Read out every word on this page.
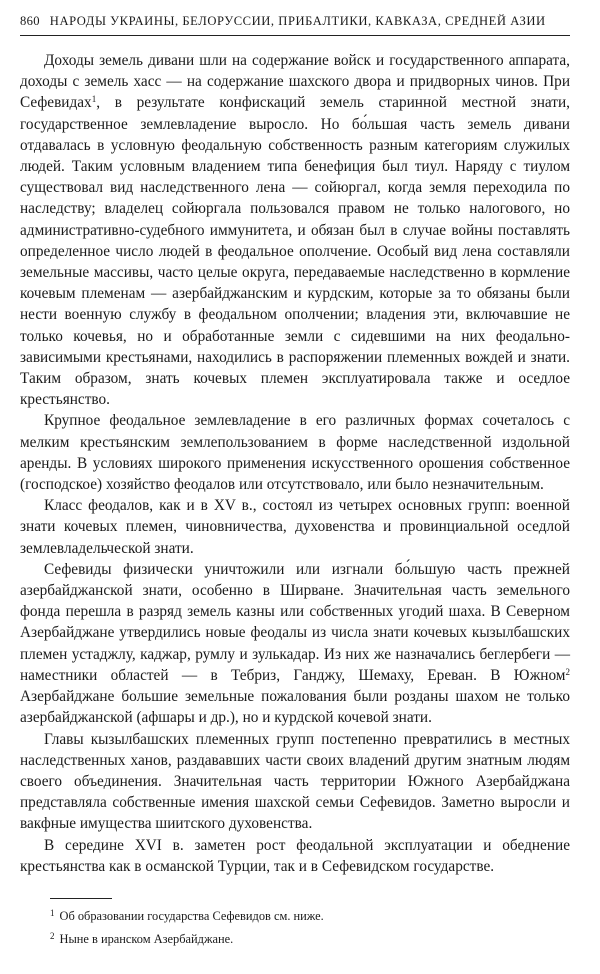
860 НАРОДЫ УКРАИНЫ, БЕЛОРУССИИ, ПРИБАЛТИКИ, КАВКАЗА, СРЕДНЕЙ АЗИИ

Доходы земель дивани шли на содержание войск и государственного аппарата, доходы с земель хасс — на содержание шахского двора и придворных чинов. При Сефевидах$^1$, в результате конфискаций земель старинной местной знати, государственное землевладение выросло. Но бо́льшая часть земель дивани отдавалась в условную феодальную собственность разным категориям служилых людей. Таким условным владением типа бенефиция был тиул. Наряду с тиулом существовал вид наследственного лена — сойюргал, когда земля переходила по наследству; владелец сойюргала пользовался правом не только налогового, но административно-судебного иммунитета, и обязан был в случае войны поставлять определенное число людей в феодальное ополчение. Особый вид лена составляли земельные массивы, часто целые округа, передаваемые наследственно в кормление кочевым племенам — азербайджанским и курдским, которые за то обязаны были нести военную службу в феодальном ополчении; владения эти, включавшие не только кочевья, но и обработанные земли с сидевшими на них феодально-зависимыми крестьянами, находились в распоряжении племенных вождей и знати. Таким образом, знать кочевых племен эксплуатировала также и оседлое крестьянство.

Крупное феодальное землевладение в его различных формах сочеталось с мелким крестьянским землепользованием в форме наследственной издольной аренды. В условиях широкого применения искусственного орошения собственное (господское) хозяйство феодалов или отсутствовало, или было незначительным.

Класс феодалов, как и в XV в., состоял из четырех основных групп: военной знати кочевых племен, чиновничества, духовенства и провинциальной оседлой землевладельческой знати.

Сефевиды физически уничтожили или изгнали бо́льшую часть прежней азербайджанской знати, особенно в Ширване. Значительная часть земельного фонда перешла в разряд земель казны или собственных угодий шаха. В Северном Азербайджане утвердились новые феодалы из числа знати кочевых кызылбашских племен устаджлу, каджар, румлу и зулькадар. Из них же назначались беглербеги — наместники областей — в Тебриз, Ганджу, Шемаху, Ереван. В Южном$^2$ Азербайджане большие земельные пожалования были розданы шахом не только азербайджанской (афшары и др.), но и курдской кочевой знати.

Главы кызылбашских племенных групп постепенно превратились в местных наследственных ханов, раздававших части своих владений другим знатным людям своего объединения. Значительная часть территории Южного Азербайджана представляла собственные имения шахской семьи Сефевидов. Заметно выросли и вакфные имущества шиитского духовенства.

В середине XVI в. заметен рост феодальной эксплуатации и обеднение крестьянства как в османской Турции, так и в Сефевидском государстве.

$^1$ Об образовании государства Сефевидов см. ниже.

$^2$ Ныне в иранском Азербайджане.
